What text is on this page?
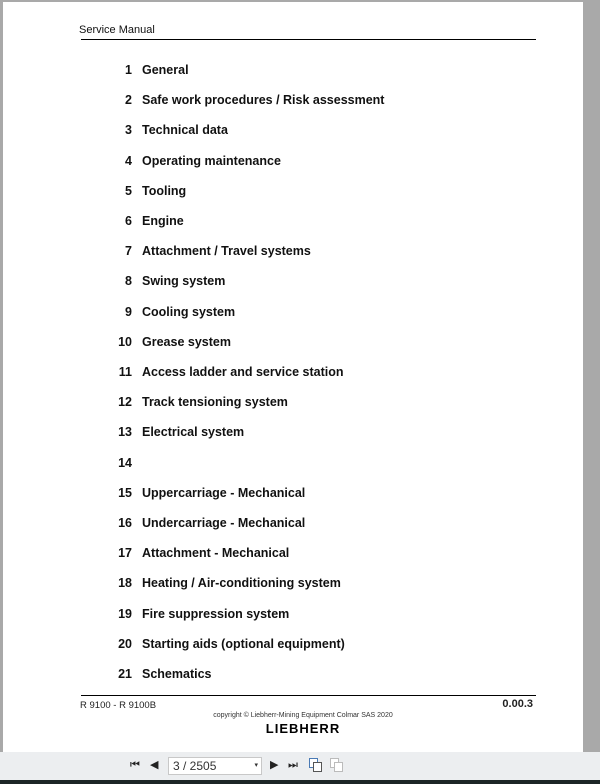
Service Manual
1 General
2 Safe work procedures / Risk assessment
3 Technical data
4 Operating maintenance
5 Tooling
6 Engine
7 Attachment / Travel systems
8 Swing system
9 Cooling system
10 Grease system
11 Access ladder and service station
12 Track tensioning system
13 Electrical system
14
15 Uppercarriage - Mechanical
16 Undercarriage - Mechanical
17 Attachment - Mechanical
18 Heating / Air-conditioning system
19 Fire suppression system
20 Starting aids (optional equipment)
21 Schematics
R 9100 - R 9100B	0.00.3
copyright © Liebherr-Mining Equipment Colmar SAS 2020
LIEBHERR
⏮ ◀ 3 / 2505	▾ ▶ ⏭
